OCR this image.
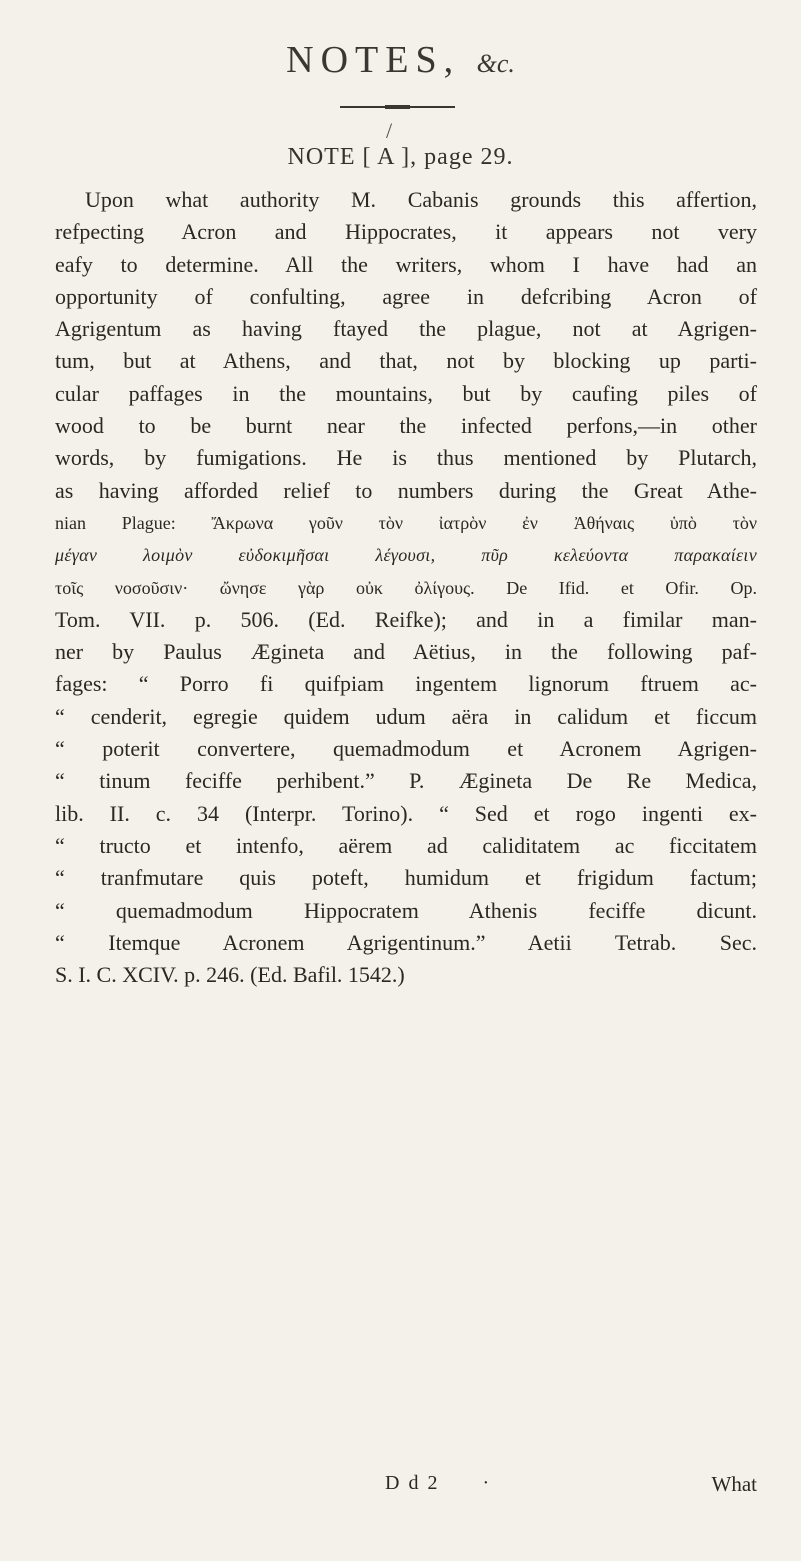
NOTES, &c.
/
NOTE [ A ], page 29.
Upon what authority M. Cabanis grounds this affertion,
refpecting Acron and Hippocrates, it appears not very
eafy to determine. All the writers, whom I have had an
opportunity of confulting, agree in defcribing Acron of
Agrigentum as having ftayed the plague, not at Agrigen-
tum, but at Athens, and that, not by blocking up parti-
cular paffages in the mountains, but by caufing piles of
wood to be burnt near the infected perfons,—in other
words, by fumigations. He is thus mentioned by Plutarch,
as having afforded relief to numbers during the Great Athe-
nian Plague: Ἄκρωνα γοῦν τὸν ἰατρὸν ἐν Ἀθήναις ὑπὸ τὸν
μέγαν λοιμὸν εὐδοκιμῆσαι λέγουσι, πῦρ κελεύοντα παρακαίειν
τοῖς νοσοῦσιν· ὤνησε γὰρ οὐκ ὀλίγους. De Ifid. et Ofir. Op.
Tom. VII. p. 506. (Ed. Reifke); and in a fimilar man-
ner by Paulus Ægineta and Aëtius, in the following paf-
fages: “ Porro fi quifpiam ingentem lignorum ftruem ac-
“ cenderit, egregie quidem udum aëra in calidum et ficcum
“ poterit convertere, quemadmodum et Acronem Agrigen-
“ tinum feciffe perhibent.” P. Ægineta De Re Medica,
lib. II. c. 34 (Interpr. Torino). “ Sed et rogo ingenti ex-
“ tructo et intenfo, aërem ad caliditatem ac ficcitatem
“ tranfmutare quis poteft, humidum et frigidum factum;
“ quemadmodum Hippocratem Athenis feciffe dicunt.
“ Itemque Acronem Agrigentinum.” Aetii Tetrab. Sec.
S. I. C. XCIV. p. 246. (Ed. Bafil. 1542.)
D d 2 ·	What
